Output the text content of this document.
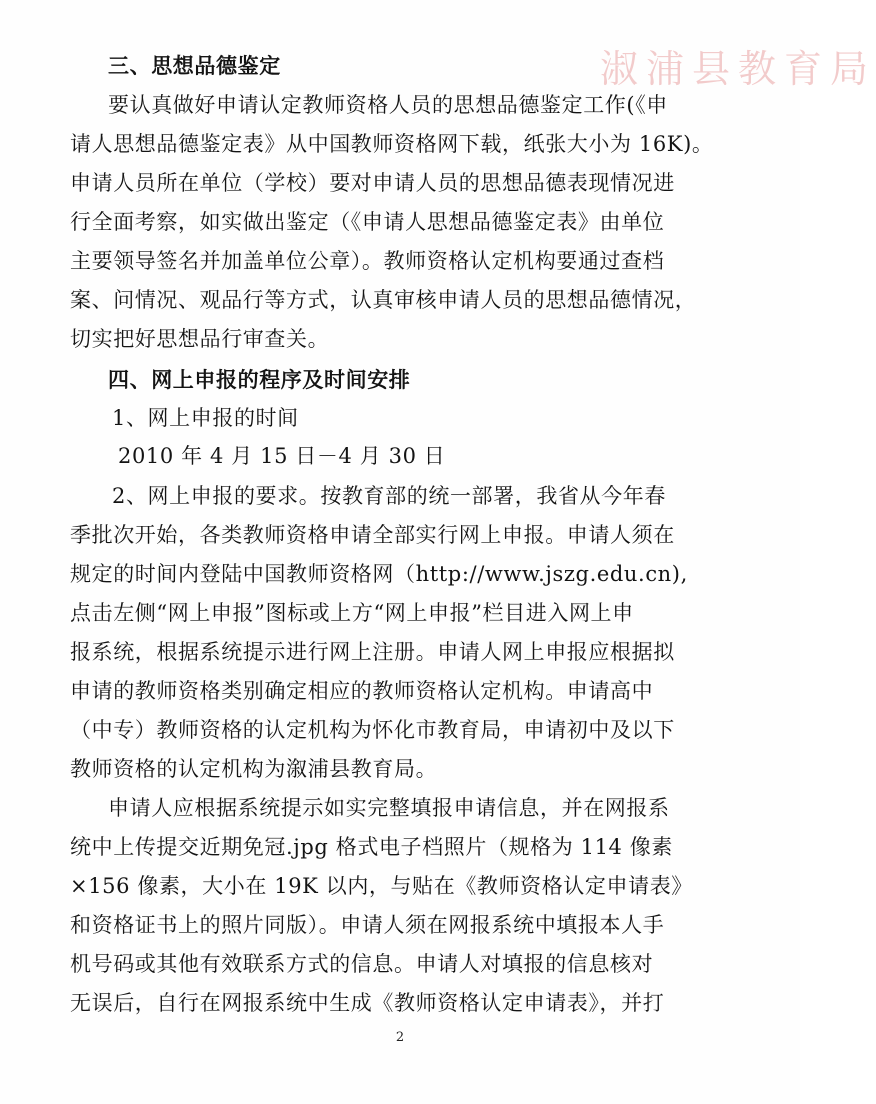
淑浦县教育局
三、思想品德鉴定
要认真做好申请认定教师资格人员的思想品德鉴定工作(《申
请人思想品德鉴定表》从中国教师资格网下载，纸张大小为 16K)。
申请人员所在单位（学校）要对申请人员的思想品德表现情况进
行全面考察，如实做出鉴定（《申请人思想品德鉴定表》由单位
主要领导签名并加盖单位公章）。教师资格认定机构要通过查档
案、问情况、观品行等方式，认真审核申请人员的思想品德情况，
切实把好思想品行审查关。
四、网上申报的程序及时间安排
1、网上申报的时间
2010 年 4 月 15 日－4 月 30 日
2、网上申报的要求。按教育部的统一部署，我省从今年春
季批次开始，各类教师资格申请全部实行网上申报。申请人须在
规定的时间内登陆中国教师资格网（http://www.jszg.edu.cn),
点击左侧“网上申报”图标或上方“网上申报”栏目进入网上申
报系统，根据系统提示进行网上注册。申请人网上申报应根据拟
申请的教师资格类别确定相应的教师资格认定机构。申请高中
（中专）教师资格的认定机构为怀化市教育局，申请初中及以下
教师资格的认定机构为溆浦县教育局。
申请人应根据系统提示如实完整填报申请信息，并在网报系
统中上传提交近期免冠.jpg 格式电子档照片（规格为 114 像素
×156 像素，大小在 19K 以内，与贴在《教师资格认定申请表》
和资格证书上的照片同版）。申请人须在网报系统中填报本人手
机号码或其他有效联系方式的信息。申请人对填报的信息核对
无误后，自行在网报系统中生成《教师资格认定申请表》，并打
2
